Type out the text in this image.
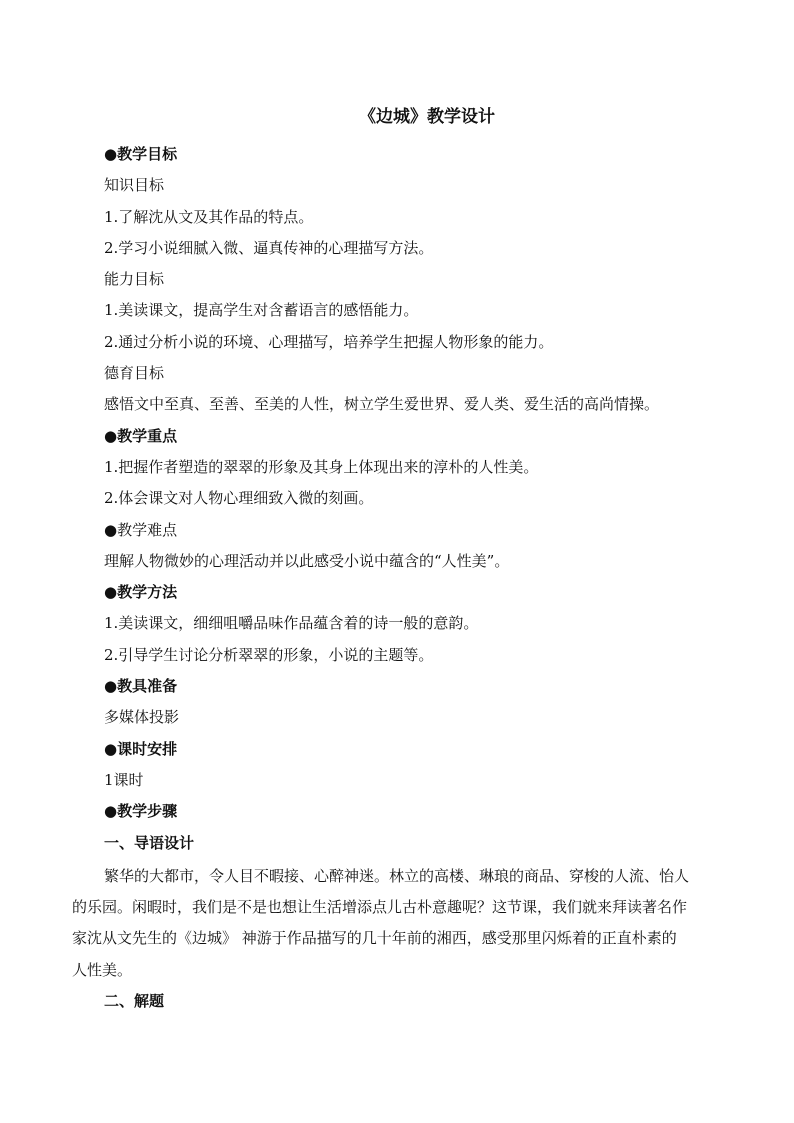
《边城》教学设计
●教学目标
知识目标
1.了解沈从文及其作品的特点。
2.学习小说细腻入微、逼真传神的心理描写方法。
能力目标
1.美读课文，提高学生对含蓄语言的感悟能力。
2.通过分析小说的环境、心理描写，培养学生把握人物形象的能力。
德育目标
感悟文中至真、至善、至美的人性，树立学生爱世界、爱人类、爱生活的高尚情操。
●教学重点
1.把握作者塑造的翠翠的形象及其身上体现出来的淳朴的人性美。
2.体会课文对人物心理细致入微的刻画。
●教学难点
理解人物微妙的心理活动并以此感受小说中蕴含的“人性美”。
●教学方法
1.美读课文，细细咀嚼品味作品蕴含着的诗一般的意韵。
2.引导学生讨论分析翠翠的形象，小说的主题等。
●教具准备
多媒体投影
●课时安排
1课时
●教学步骤
一、导语设计
繁华的大都市，令人目不暇接、心醉神迷。林立的高楼、琳琅的商品、穿梭的人流、怡人
的乐园。闲暇时，我们是不是也想让生活增添点儿古朴意趣呢？这节课，我们就来拜读著名作
家沈从文先生的《边城》 神游于作品描写的几十年前的湘西，感受那里闪烁着的正直朴素的
人性美。
二、解题
